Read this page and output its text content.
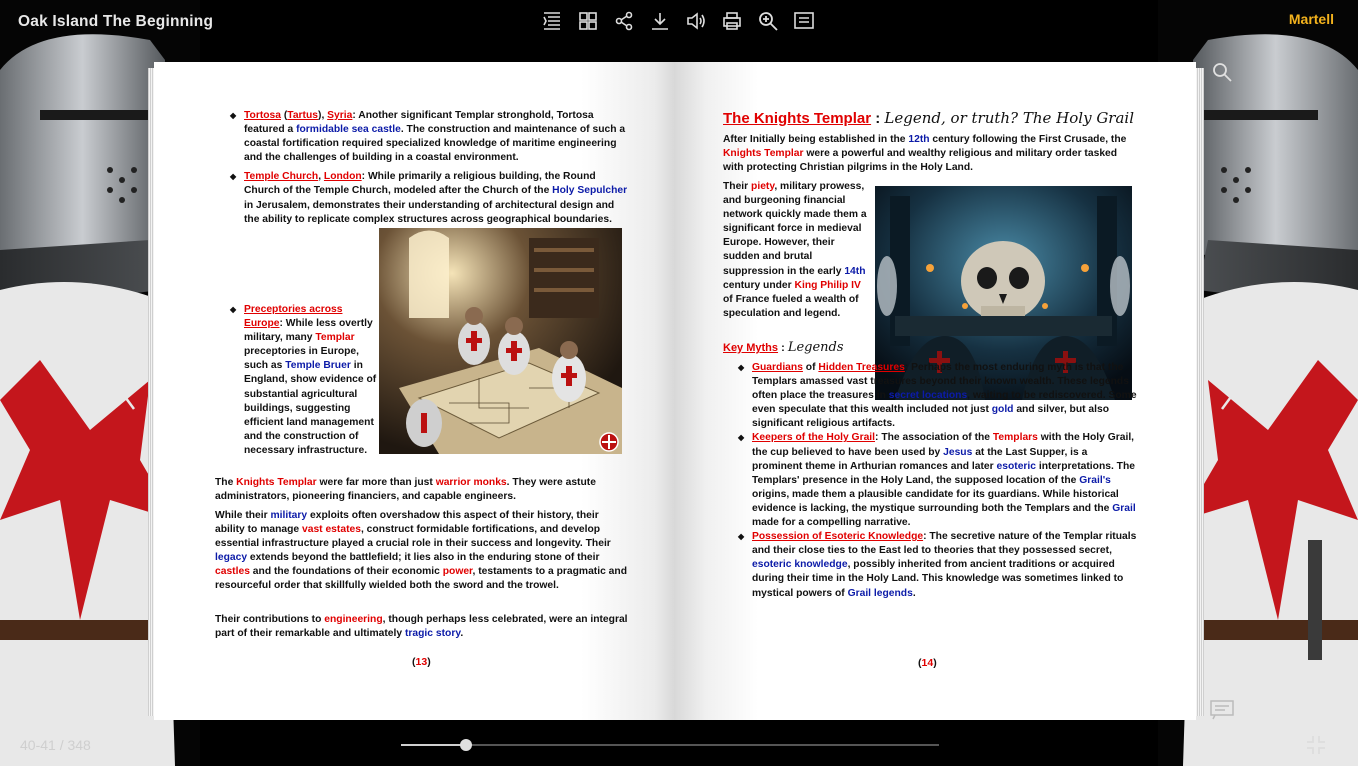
Oak Island The Beginning	Martell
◆ Tortosa (Tartus), Syria: Another significant Templar stronghold, Tortosa featured a formidable sea castle. The construction and maintenance of such a coastal fortification required specialized knowledge of maritime engineering and the challenges of building in a coastal environment.
◆ Temple Church, London: While primarily a religious building, the Round Church of the Temple Church, modeled after the Church of the Holy Sepulcher in Jerusalem, demonstrates their understanding of architectural design and the ability to replicate complex structures across geographical boundaries.
◆ Preceptories across Europe: While less overtly military, many Templar preceptories in Europe, such as Temple Bruer in England, show evidence of substantial agricultural buildings, suggesting efficient land management and the construction of necessary infrastructure.
The Knights Templar were far more than just warrior monks. They were astute administrators, pioneering financiers, and capable engineers.
While their military exploits often overshadow this aspect of their history, their ability to manage vast estates, construct formidable fortifications, and develop essential infrastructure played a crucial role in their success and longevity. Their legacy extends beyond the battlefield; it lies also in the enduring stone of their castles and the foundations of their economic power, testaments to a pragmatic and resourceful order that skillfully wielded both the sword and the trowel.
Their contributions to engineering, though perhaps less celebrated, were an integral part of their remarkable and ultimately tragic story.
(13)
The Knights Templar : Legend, or truth? The Holy Grail
After Initially being established in the 12th century following the First Crusade, the Knights Templar were a powerful and wealthy religious and military order tasked with protecting Christian pilgrims in the Holy Land.
Their piety, military prowess, and burgeoning financial network quickly made them a significant force in medieval Europe. However, their sudden and brutal suppression in the early 14th century under King Philip IV of France fueled a wealth of speculation and legend.
Key Myths : Legends
◆ Guardians of Hidden Treasures: Perhaps the most enduring myth is that the Templars amassed vast treasures beyond their known wealth. These legends often place the treasures in secret locations, waiting to be rediscovered. Some even speculate that this wealth included not just gold and silver, but also significant religious artifacts.
◆ Keepers of the Holy Grail: The association of the Templars with the Holy Grail, the cup believed to have been used by Jesus at the Last Supper, is a prominent theme in Arthurian romances and later esoteric interpretations. The Templars' presence in the Holy Land, the supposed location of the Grail's origins, made them a plausible candidate for its guardians. While historical evidence is lacking, the mystique surrounding both the Templars and the Grail made for a compelling narrative.
◆ Possession of Esoteric Knowledge: The secretive nature of the Templar rituals and their close ties to the East led to theories that they possessed secret, esoteric knowledge, possibly inherited from ancient traditions or acquired during their time in the Holy Land. This knowledge was sometimes linked to mystical powers of Grail legends.
(14)
40-41 / 348
